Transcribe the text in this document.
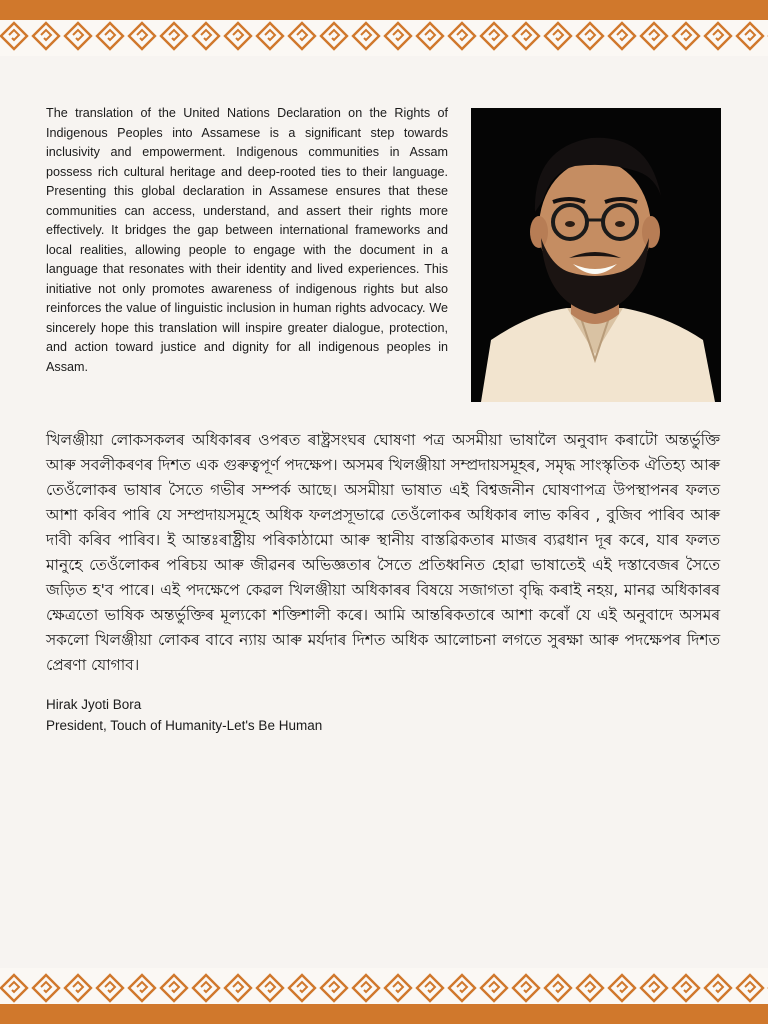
The translation of the United Nations Declaration on the Rights of Indigenous Peoples into Assamese is a significant step towards inclusivity and empowerment. Indigenous communities in Assam possess rich cultural heritage and deep-rooted ties to their language. Presenting this global declaration in Assamese ensures that these communities can access, understand, and assert their rights more effectively. It bridges the gap between international frameworks and local realities, allowing people to engage with the document in a language that resonates with their identity and lived experiences. This initiative not only promotes awareness of indigenous rights but also reinforces the value of linguistic inclusion in human rights advocacy. We sincerely hope this translation will inspire greater dialogue, protection, and action toward justice and dignity for all indigenous peoples in Assam.

খিলঞ্জীয়া লোকসকলৰ অধিকাৰৰ ওপৰত ৰাষ্ট্ৰসংঘৰ ঘোষণা পত্ৰ অসমীয়া ভাষালৈ অনুবাদ কৰাটো অন্তৰ্ভুক্তি আৰু সবলীকৰণৰ দিশত এক গুৰুত্বপূৰ্ণ পদক্ষেপ। অসমৰ খিলঞ্জীয়া সম্প্ৰদায়সমূহৰ, সমৃদ্ধ সাংস্কৃতিক ঐতিহ্য আৰু তেওঁলোকৰ ভাষাৰ সৈতে গভীৰ সম্পৰ্ক আছে। অসমীয়া ভাষাত এই বিশ্বজনীন ঘোষণাপত্ৰ উপস্থাপনৰ ফলত আশা কৰিব পাৰি যে সম্প্ৰদায়সমূহে অধিক ফলপ্ৰসূভাৱে তেওঁলোকৰ অধিকাৰ লাভ কৰিব , বুজিব পাৰিব আৰু দাবী কৰিব পাৰিব। ই আন্তঃৰাষ্ট্ৰীয় পৰিকাঠামো আৰু স্থানীয় বাস্তৱিকতাৰ মাজৰ ব্যৱধান দূৰ কৰে, যাৰ ফলত মানুহে তেওঁলোকৰ পৰিচয় আৰু জীৱনৰ অভিজ্ঞতাৰ সৈতে প্ৰতিধ্বনিত হোৱা ভাষাতেই এই দস্তাবেজৰ সৈতে জড়িত হ'ব পাৰে। এই পদক্ষেপে কেৱল খিলঞ্জীয়া অধিকাৰৰ বিষয়ে সজাগতা বৃদ্ধি কৰাই নহয়, মানৱ অধিকাৰৰ ক্ষেত্ৰতো ভাষিক অন্তৰ্ভুক্তিৰ মূল্যকো শক্তিশালী কৰে। আমি আন্তৰিকতাৰে আশা কৰোঁ যে এই অনুবাদে অসমৰ সকলো খিলঞ্জীয়া লোকৰ বাবে ন্যায় আৰু মৰ্যদাৰ দিশত অধিক আলোচনা লগতে সুৰক্ষা আৰু পদক্ষেপৰ দিশত প্ৰেৰণা যোগাব।

Hirak Jyoti Bora
President, Touch of Humanity-Let's Be Human
